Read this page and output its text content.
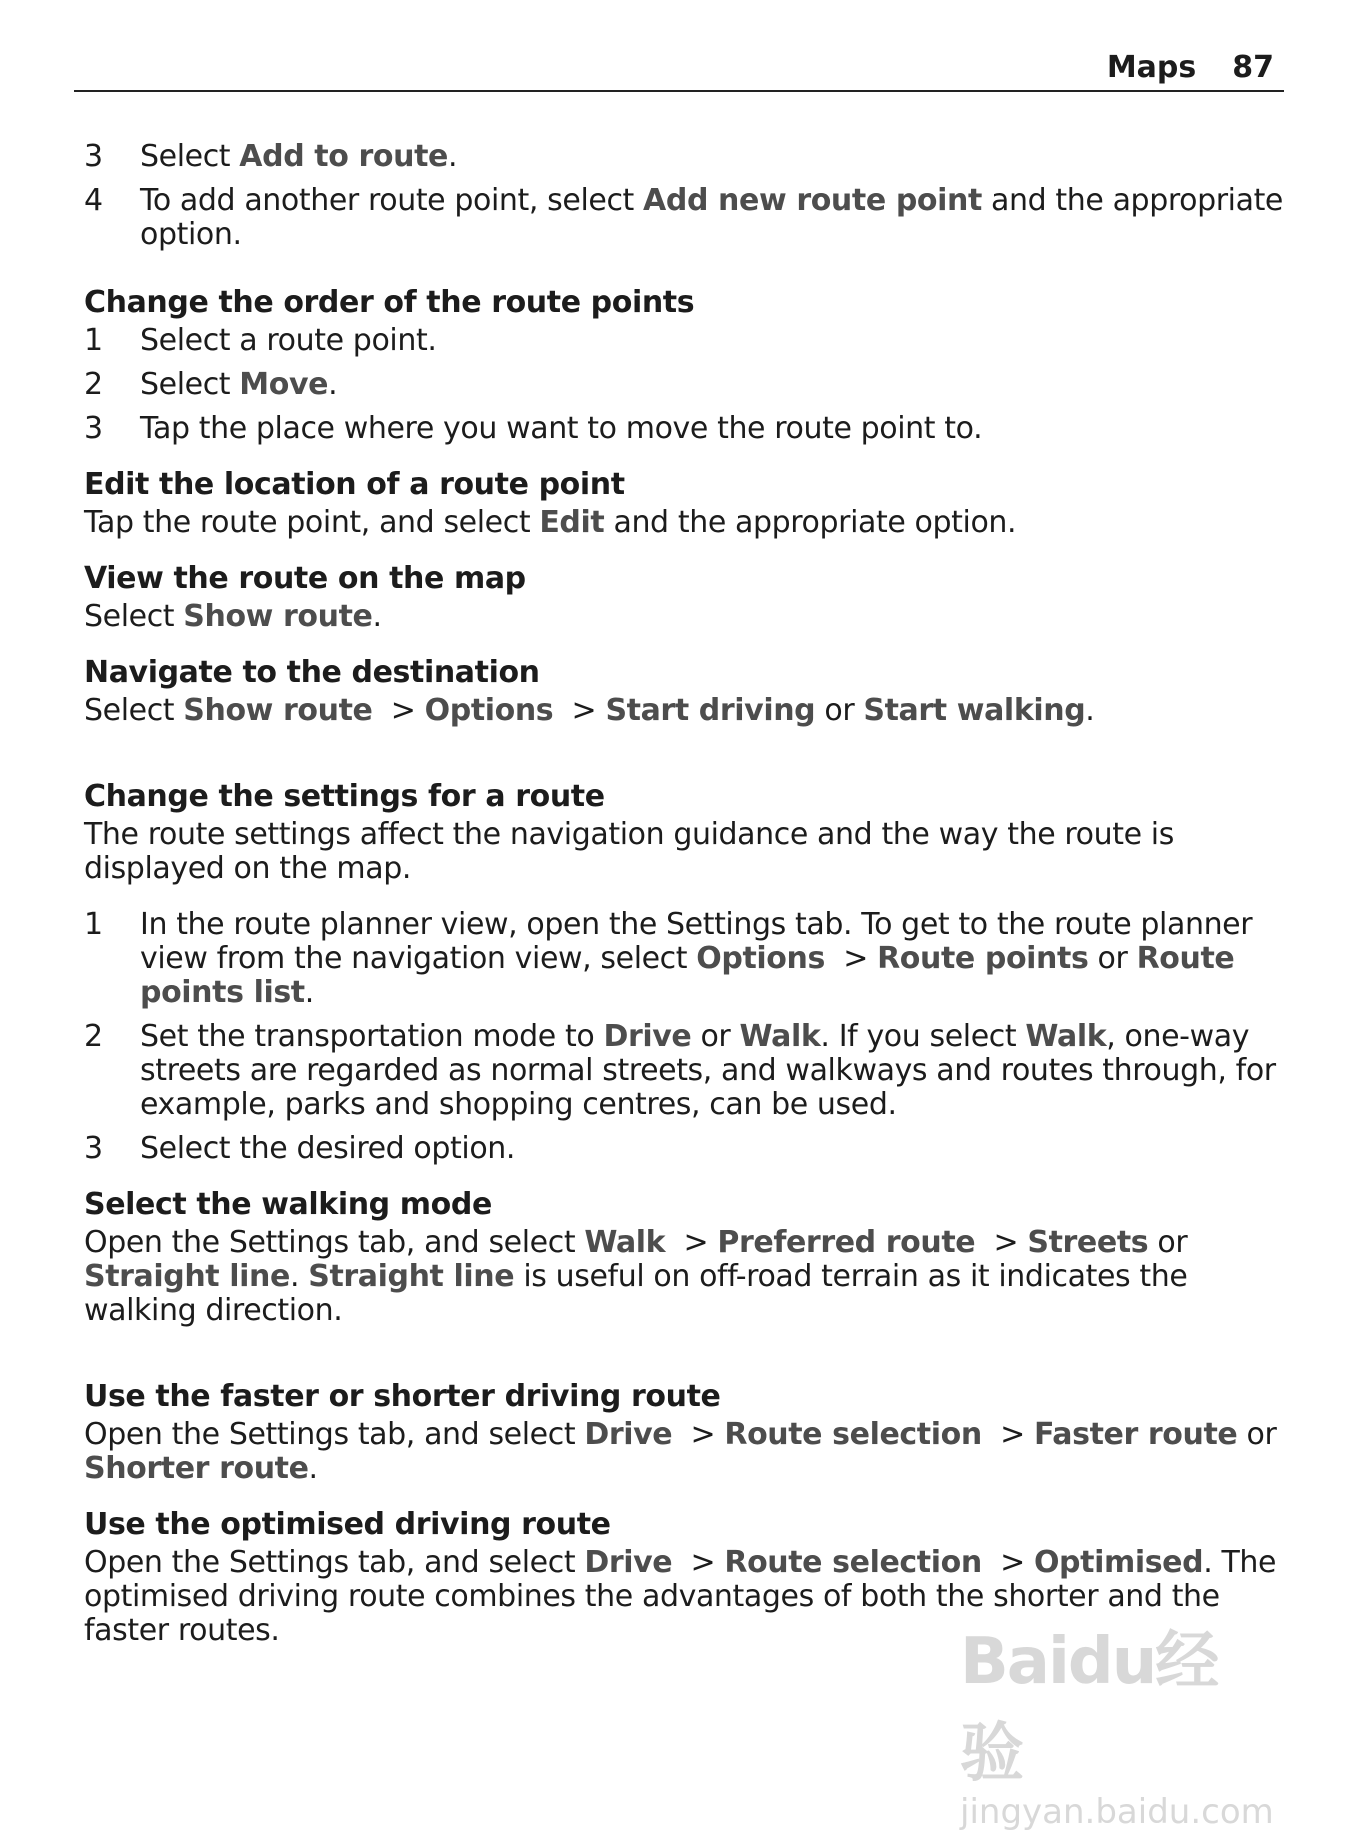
Maps 87
3 Select Add to route.
4 To add another route point, select Add new route point and the appropriate option.
Change the order of the route points
1 Select a route point.
2 Select Move.
3 Tap the place where you want to move the route point to.
Edit the location of a route point

Tap the route point, and select Edit and the appropriate option.

View the route on the map

Select Show route.

Navigate to the destination

Select Show route  > Options  > Start driving or Start walking.

Change the settings for a route

The route settings affect the navigation guidance and the way the route is displayed on the map.

1 In the route planner view, open the Settings tab. To get to the route planner view from the navigation view, select Options  > Route points or Route points list.
2 Set the transportation mode to Drive or Walk. If you select Walk, one-way streets are regarded as normal streets, and walkways and routes through, for example, parks and shopping centres, can be used.
3 Select the desired option.
Select the walking mode

Open the Settings tab, and select Walk  > Preferred route  > Streets or Straight line. Straight line is useful on off-road terrain as it indicates the walking direction.

Use the faster or shorter driving route

Open the Settings tab, and select Drive  > Route selection  > Faster route or Shorter route.

Use the optimised driving route

Open the Settings tab, and select Drive  > Route selection  > Optimised. The optimised driving route combines the advantages of both the shorter and the faster routes.	Baidu经验
jingyan.baidu.com
